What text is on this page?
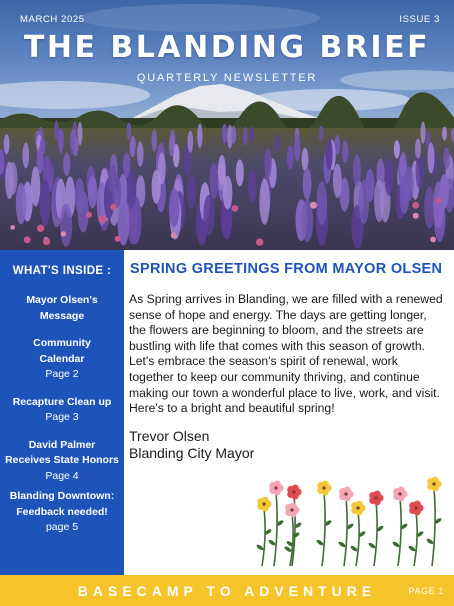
MARCH 2025	ISSUE 3
THE BLANDING BRIEF
QUARTERLY NEWSLETTER
WHAT'S INSIDE :
Mayor Olsen's
Message
Community
Calendar
Page 2
Recapture Clean up
Page 3
David Palmer
Receives State Honors
Page 4
Blanding Downtown:
Feedback needed!
page 5
SPRING GREETINGS FROM MAYOR OLSEN
As Spring arrives in Blanding, we are filled with a renewed
sense of hope and energy. The days are getting longer,
the flowers are beginning to bloom, and the streets are
bustling with life that comes with this season of growth.
Let's embrace the season's spirit of renewal, work
together to keep our community thriving, and continue
making our town a wonderful place to live, work, and visit.
Here's to a bright and beautiful spring!
Trevor Olsen
Blanding City Mayor
BASECAMP TO ADVENTURE	PAGE 1
